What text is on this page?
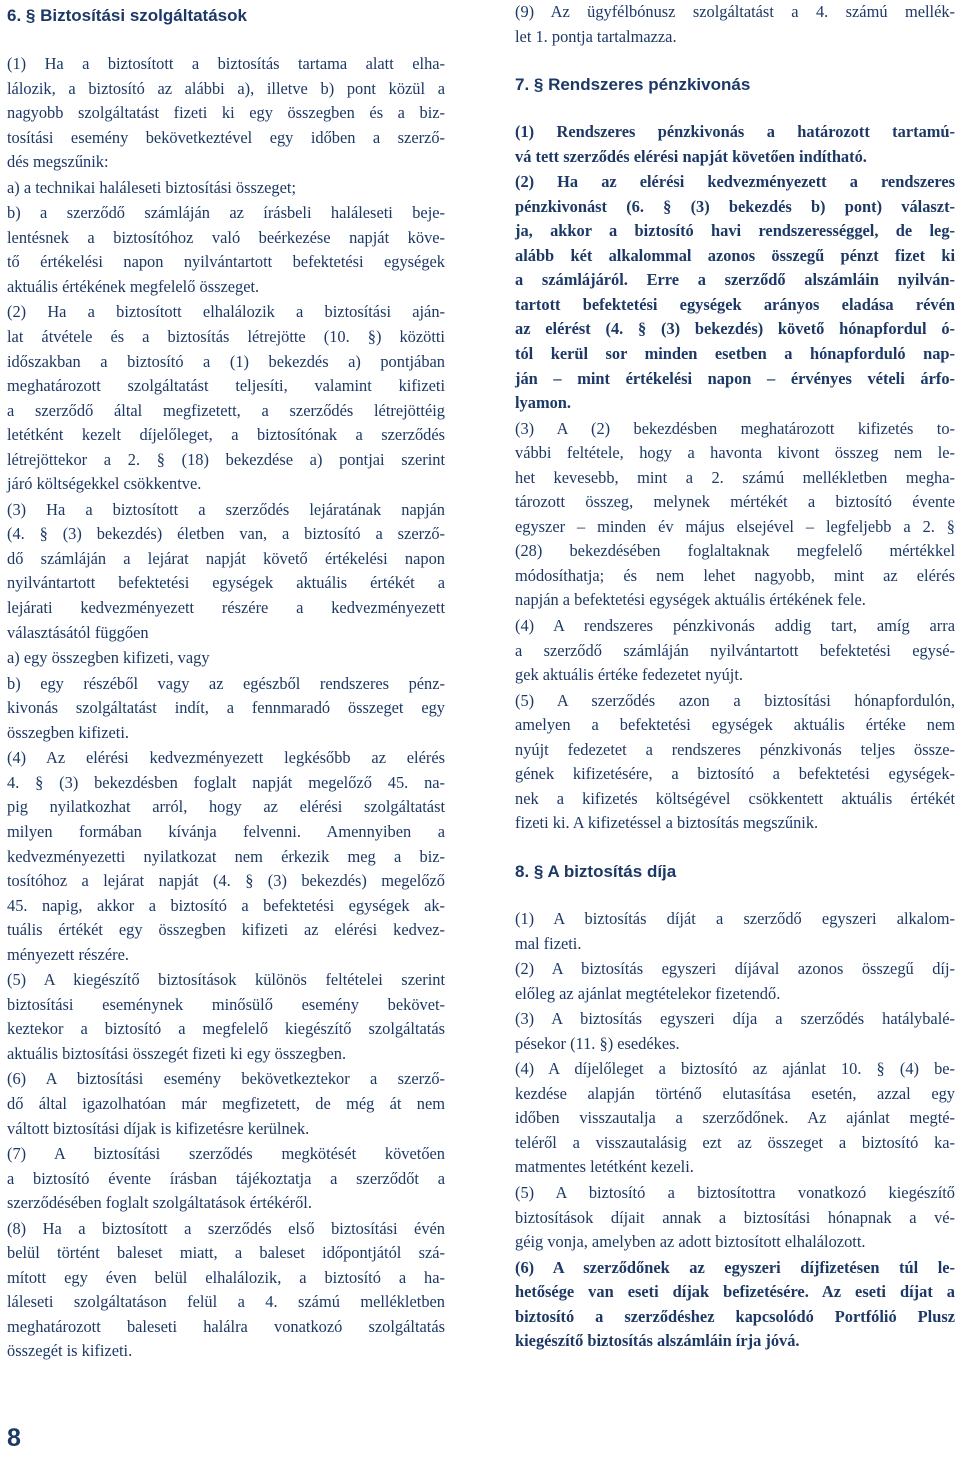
6. § Biztosítási szolgáltatások
(1) Ha a biztosított a biztosítás tartama alatt elha-
lálozik, a biztosító az alábbi a), illetve b) pont közül a
nagyobb szolgáltatást fizeti ki egy összegben és a biz-
tosítási esemény bekövetkeztével egy időben a szerző-
dés megszűnik:
a) a technikai haláleseti biztosítási összeget;
b) a szerződő számláján az írásbeli haláleseti beje-
lentésnek a biztosítóhoz való beérkezése napját köve-
tő értékelési napon nyilvántartott befektetési egységek
aktuális értékének megfelelő összeget.
(2) Ha a biztosított elhalálozik a biztosítási aján-
lat átvétele és a biztosítás létrejötte (10. §) közötti
időszakban a biztosító a (1) bekezdés a) pontjában
meghatározott szolgáltatást teljesíti, valamint kifizeti
a szerződő által megfizetett, a szerződés létrejöttéig
letétként kezelt díjelőleget, a biztosítónak a szerződés
létrejöttekor a 2. § (18) bekezdése a) pontjai szerint
járó költségekkel csökkentve.
(3) Ha a biztosított a szerződés lejáratának napján
(4. § (3) bekezdés) életben van, a biztosító a szerző-
dő számláján a lejárat napját követő értékelési napon
nyilvántartott befektetési egységek aktuális értékét a
lejárati kedvezményezett részére a kedvezményezett
választásától függően
a) egy összegben kifizeti, vagy
b) egy részéből vagy az egészből rendszeres pénz-
kivonás szolgáltatást indít, a fennmaradó összeget egy
összegben kifizeti.
(4) Az elérési kedvezményezett legkésőbb az elérés
4. § (3) bekezdésben foglalt napját megelőző 45. na-
pig nyilatkozhat arról, hogy az elérési szolgáltatást
milyen formában kívánja felvenni. Amennyiben a
kedvezményezetti nyilatkozat nem érkezik meg a biz-
tosítóhoz a lejárat napját (4. § (3) bekezdés) megelőző
45. napig, akkor a biztosító a befektetési egységek ak-
tuális értékét egy összegben kifizeti az elérési kedvez-
ményezett részére.
(5) A kiegészítő biztosítások különös feltételei szerint
biztosítási eseménynek minősülő esemény bekövet-
keztekor a biztosító a megfelelő kiegészítő szolgáltatás
aktuális biztosítási összegét fizeti ki egy összegben.
(6) A biztosítási esemény bekövetkeztekor a szerző-
dő által igazolhatóan már megfizetett, de még át nem
váltott biztosítási díjak is kifizetésre kerülnek.
(7) A biztosítási szerződés megkötését követően
a biztosító évente írásban tájékoztatja a szerződőt a
szerződésében foglalt szolgáltatások értékéről.
(8) Ha a biztosított a szerződés első biztosítási évén
belül történt baleset miatt, a baleset időpontjától szá-
mított egy éven belül elhalálozik, a biztosító a ha-
láleseti szolgáltatáson felül a 4. számú mellékletben
meghatározott baleseti halálra vonatkozó szolgáltatás
összegét is kifizeti.
(9) Az ügyfélbónusz szolgáltatást a 4. számú mellék-
let 1. pontja tartalmazza.
7. § Rendszeres pénzkivonás
(1) Rendszeres pénzkivonás a határozott tartamú-
vá tett szerződés elérési napját követően indítható.
(2) Ha az elérési kedvezményezett a rendszeres
pénzkivonást (6. § (3) bekezdés b) pont) választ-
ja, akkor a biztosító havi rendszerességgel, de leg-
alább két alkalommal azonos összegű pénzt fizet ki
a számlájáról. Erre a szerződő alszámláin nyilván-
tartott befektetési egységek arányos eladása révén
az elérést (4. § (3) bekezdés) követő hónapfordul ó-
tól kerül sor minden esetben a hónapforduló nap-
ján – mint értékelési napon – érvényes vételi árfo-
lyamon.
(3) A (2) bekezdésben meghatározott kifizetés to-
vábbi feltétele, hogy a havonta kivont összeg nem le-
het kevesebb, mint a 2. számú mellékletben megha-
tározott összeg, melynek mértékét a biztosító évente
egyszer – minden év május elsejével – legfeljebb a 2. §
(28) bekezdésében foglaltaknak megfelelő mértékkel
módosíthatja; és nem lehet nagyobb, mint az elérés
napján a befektetési egységek aktuális értékének fele.
(4) A rendszeres pénzkivonás addig tart, amíg arra
a szerződő számláján nyilvántartott befektetési egysé-
gek aktuális értéke fedezetet nyújt.
(5) A szerződés azon a biztosítási hónapfordulón,
amelyen a befektetési egységek aktuális értéke nem
nyújt fedezetet a rendszeres pénzkivonás teljes össze-
gének kifizetésére, a biztosító a befektetési egységek-
nek a kifizetés költségével csökkentett aktuális értékét
fizeti ki. A kifizetéssel a biztosítás megszűnik.
8. § A biztosítás díja
(1) A biztosítás díját a szerződő egyszeri alkalom-
mal fizeti.
(2) A biztosítás egyszeri díjával azonos összegű díj-
előleg az ajánlat megtételekor fizetendő.
(3) A biztosítás egyszeri díja a szerződés hatálybalé-
pésekor (11. §) esedékes.
(4) A díjelőleget a biztosító az ajánlat 10. § (4) be-
kezdése alapján történő elutasítása esetén, azzal egy
időben visszautalja a szerződőnek. Az ajánlat megté-
teléről a visszautalásig ezt az összeget a biztosító ka-
matmentes letétként kezeli.
(5) A biztosító a biztosítottra vonatkozó kiegészítő
biztosítások díjait annak a biztosítási hónapnak a vé-
géig vonja, amelyben az adott biztosított elhalálozott.
(6) A szerződőnek az egyszeri díjfizetésen túl le-
hetősége van eseti díjak befizetésére. Az eseti díjat a
biztosító a szerződéshez kapcsolódó Portfólió Plusz
kiegészítő biztosítás alszámláin írja jóvá.
8
